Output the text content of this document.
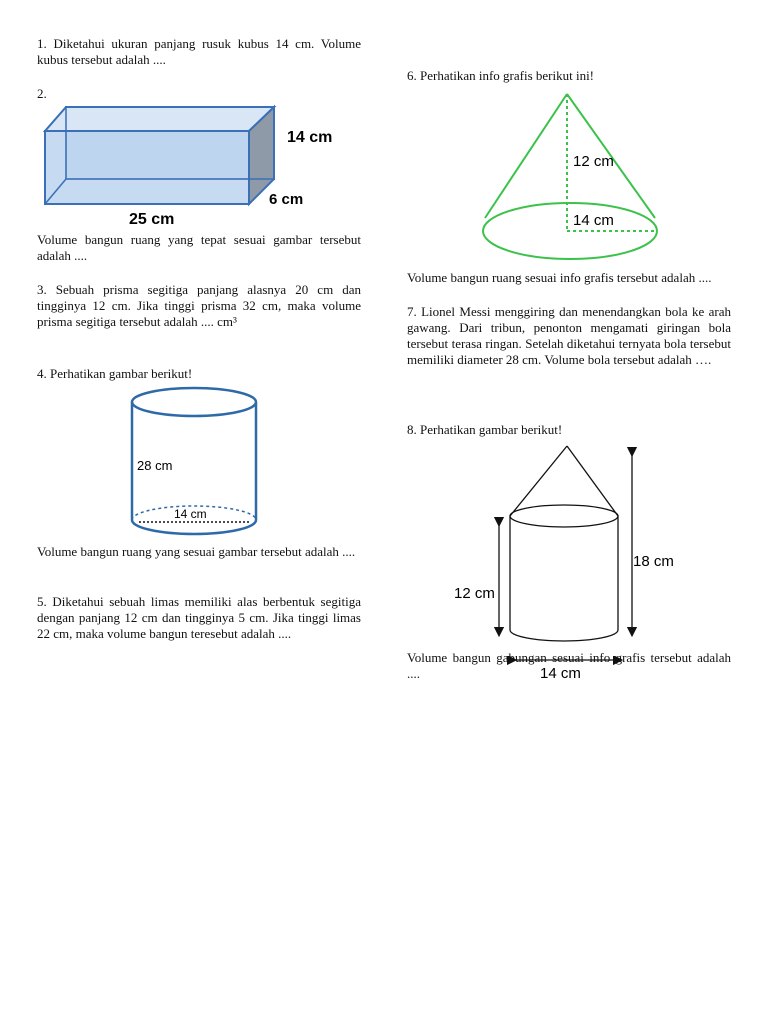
1. Diketahui ukuran panjang rusuk kubus 14 cm. Volume kubus tersebut adalah ....

2.

14 cm
6 cm
25 cm

Volume bangun ruang yang tepat sesuai gambar tersebut adalah ....

3. Sebuah prisma segitiga panjang alasnya 20 cm dan tingginya 12 cm. Jika tinggi prisma 32 cm, maka volume prisma segitiga tersebut adalah .... cm³

4. Perhatikan gambar berikut!

28 cm
14 cm

Volume bangun ruang yang sesuai gambar tersebut adalah ....

5. Diketahui sebuah limas memiliki alas berbentuk segitiga dengan panjang 12 cm dan tingginya 5 cm. Jika tinggi limas 22 cm, maka volume bangun teresebut adalah ....

6. Perhatikan info grafis berikut ini!

12 cm
14 cm

Volume bangun ruang sesuai info grafis tersebut adalah ....

7. Lionel Messi menggiring dan menendangkan bola ke arah gawang. Dari tribun, penonton mengamati giringan bola tersebut terasa ringan. Setelah diketahui ternyata bola tersebut memiliki diameter 28 cm. Volume bola tersebut adalah ….

8. Perhatikan gambar berikut!

12 cm
18 cm
14 cm

Volume bangun gabungan sesuai info grafis tersebut adalah ....
